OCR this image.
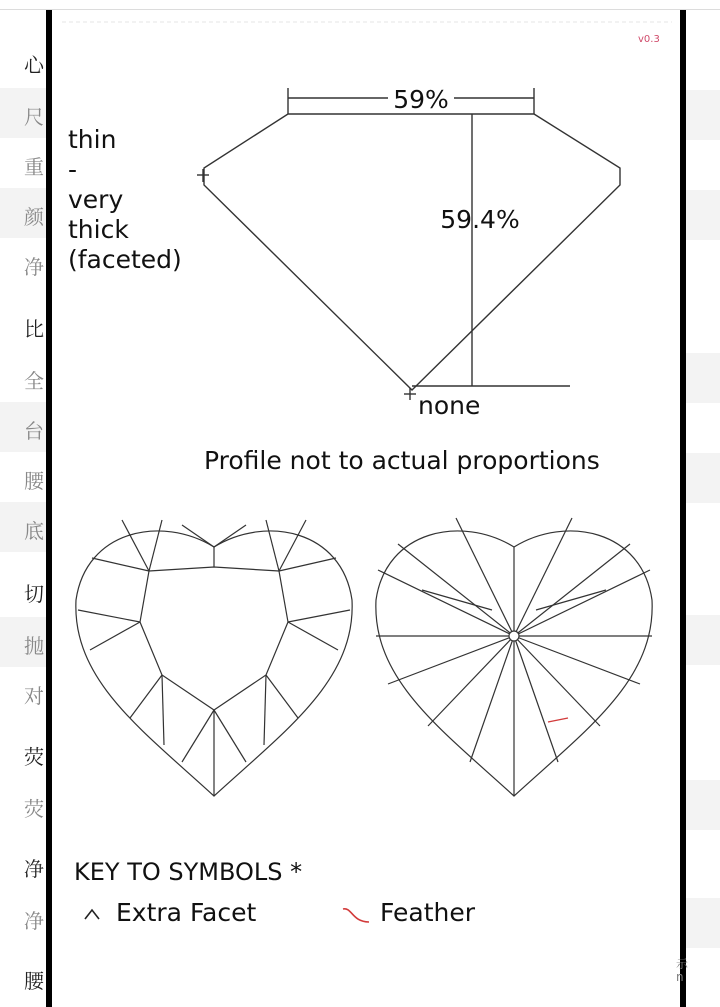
心
尺
重
颜
净
比
全
台
腰
底
切
抛
对
荧
荧
净
净
腰
v0.3
59%
59.4%
thin
-
very
thick
(faceted)
none
Profile not to actual proportions
KEY TO SYMBOLS *
Extra Facet	Feather
示
n
